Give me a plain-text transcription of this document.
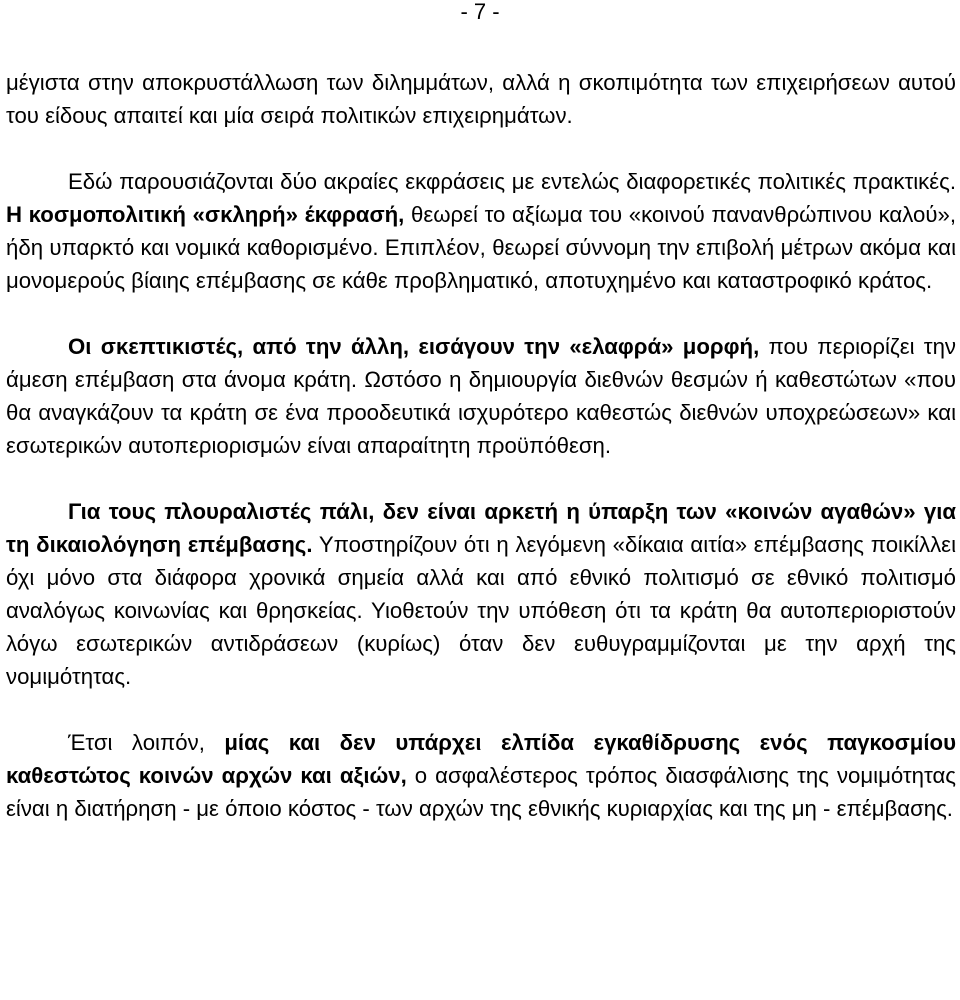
- 7 -

μέγιστα στην αποκρυστάλλωση των διλημμάτων, αλλά η σκοπιμότητα των επιχειρήσεων αυτού του είδους απαιτεί και μία σειρά πολιτικών επιχειρημάτων.

Εδώ παρουσιάζονται δύο ακραίες εκφράσεις με εντελώς διαφορετικές πολιτικές πρακτικές. Η κοσμοπολιτική «σκληρή» έκφρασή, θεωρεί το αξίωμα του «κοινού πανανθρώπινου καλού», ήδη υπαρκτό και νομικά καθορισμένο. Επιπλέον, θεωρεί σύννομη την επιβολή μέτρων ακόμα και μονομερούς βίαιης επέμβασης σε κάθε προβληματικό, αποτυχημένο και καταστροφικό κράτος.

Οι σκεπτικιστές, από την άλλη, εισάγουν την «ελαφρά» μορφή, που περιορίζει την άμεση επέμβαση στα άνομα κράτη. Ωστόσο η δημιουργία διεθνών θεσμών ή καθεστώτων «που θα αναγκάζουν τα κράτη σε ένα προοδευτικά ισχυρότερο καθεστώς διεθνών υποχρεώσεων» και εσωτερικών αυτοπεριορισμών είναι απαραίτητη προϋπόθεση.

Για τους πλουραλιστές πάλι, δεν είναι αρκετή η ύπαρξη των «κοινών αγαθών» για τη δικαιολόγηση επέμβασης. Υποστηρίζουν ότι η λεγόμενη «δίκαια αιτία» επέμβασης ποικίλλει όχι μόνο στα διάφορα χρονικά σημεία αλλά και από εθνικό πολιτισμό σε εθνικό πολιτισμό αναλόγως κοινωνίας και θρησκείας. Υιοθετούν την υπόθεση ότι τα κράτη θα αυτοπεριοριστούν λόγω εσωτερικών αντιδράσεων (κυρίως) όταν δεν ευθυγραμμίζονται με την αρχή της νομιμότητας.

Έτσι λοιπόν, μίας και δεν υπάρχει ελπίδα εγκαθίδρυσης ενός παγκοσμίου καθεστώτος κοινών αρχών και αξιών, ο ασφαλέστερος τρόπος διασφάλισης της νομιμότητας είναι η διατήρηση - με όποιο κόστος - των αρχών της εθνικής κυριαρχίας και της μη - επέμβασης.
